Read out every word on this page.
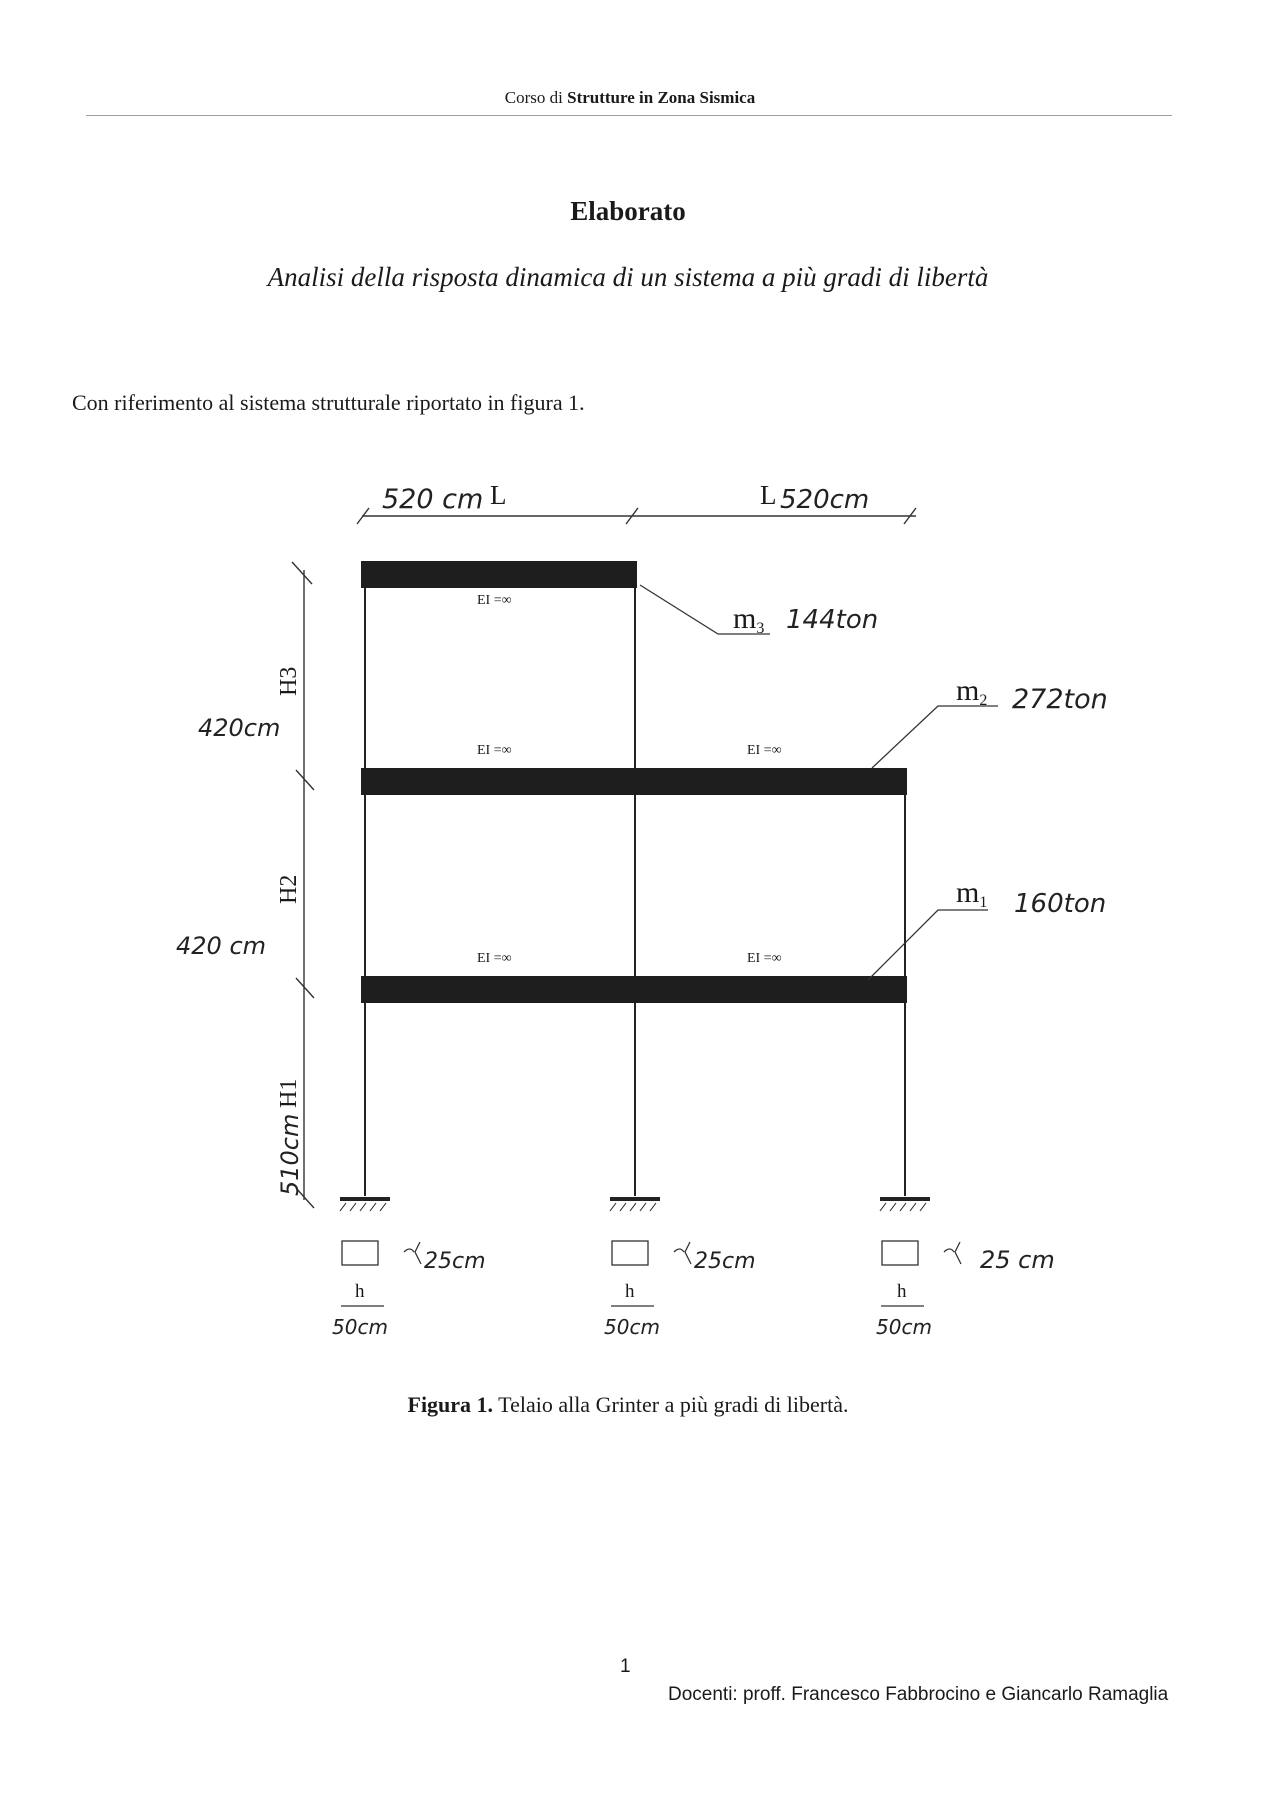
Corso di Strutture in Zona Sismica
Elaborato
Analisi della risposta dinamica di un sistema a più gradi di libertà
Con riferimento al sistema strutturale riportato in figura 1.
520 cm L	L 520cm
H3
H2
H1
420cm
420 cm
510cm
EI =∞
EI =∞	EI =∞
EI =∞	EI =∞
m3 144ton
m2 272ton
m1 160ton
25cm
h
50cm
25cm
h
50cm
25 cm
h
50cm
Figura 1. Telaio alla Grinter a più gradi di libertà.
1
Docenti: proff. Francesco Fabbrocino e Giancarlo Ramaglia
